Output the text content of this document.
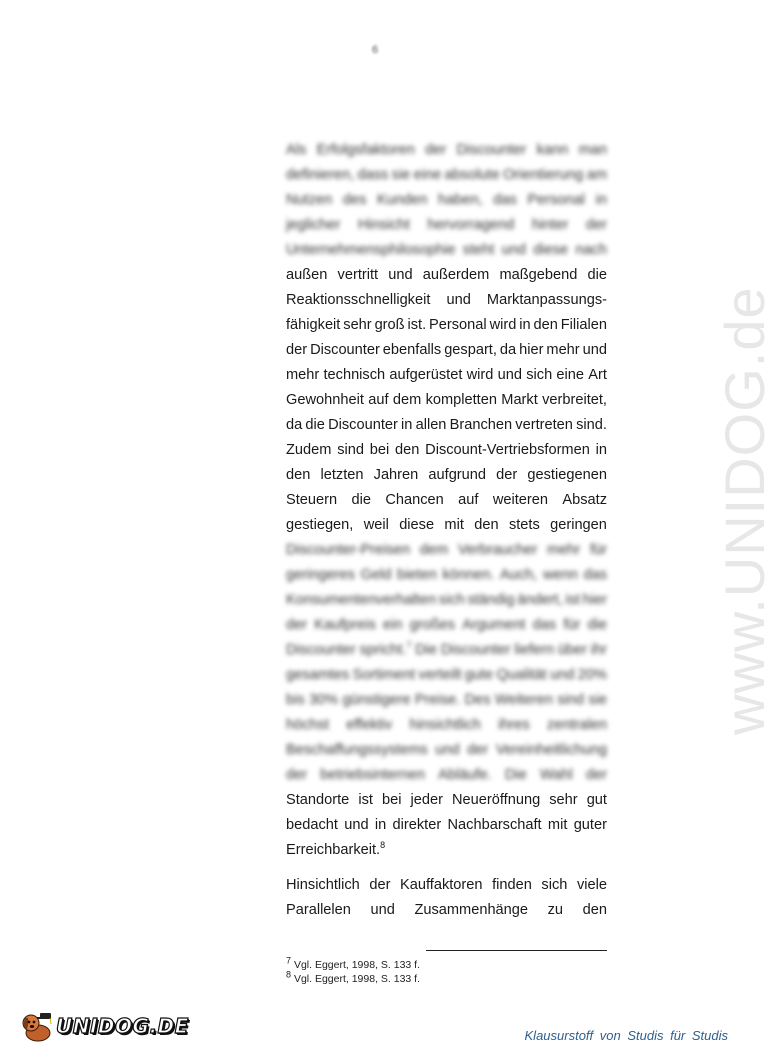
6
www.UNIDOG.de
Als Erfolgsfaktoren der Discounter kann man
definieren, dass sie eine absolute Orientierung am
Nutzen des Kunden haben, das Personal in
jeglicher Hinsicht hervorragend hinter der
Unternehmensphilosophie steht und diese nach
außen vertritt und außerdem maßgebend die
Reaktionsschnelligkeit und Marktanpassungs-
fähigkeit sehr groß ist. Personal wird in den Filialen
der Discounter ebenfalls gespart, da hier mehr und
mehr technisch aufgerüstet wird und sich eine Art
Gewohnheit auf dem kompletten Markt verbreitet,
da die Discounter in allen Branchen vertreten sind.
Zudem sind bei den Discount-Vertriebsformen in
den letzten Jahren aufgrund der gestiegenen
Steuern die Chancen auf weiteren Absatz
gestiegen, weil diese mit den stets geringen
Discounter-Preisen dem Verbraucher mehr für
geringeres Geld bieten können. Auch, wenn das
Konsumentenverhalten sich ständig ändert, ist hier
der Kaufpreis ein großes Argument das für die
Discounter spricht.$^7$ Die Discounter liefern über ihr
gesamtes Sortiment verteilt gute Qualität und 20%
bis 30% günstigere Preise. Des Weiteren sind sie
höchst effektiv hinsichtlich ihres zentralen
Beschaffungssystems und der Vereinheitlichung
der betriebsinternen Abläufe. Die Wahl der
Standorte ist bei jeder Neueröffnung sehr gut
bedacht und in direkter Nachbarschaft mit guter
Erreichbarkeit.$^8$
Hinsichtlich der Kauffaktoren finden sich viele
Parallelen und Zusammenhänge zu den
$^7$ Vgl. Eggert, 1998, S. 133 f.
$^8$ Vgl. Eggert, 1998, S. 133 f.
UNIDOG.DE	Klausurstoff von Studis für Studis
